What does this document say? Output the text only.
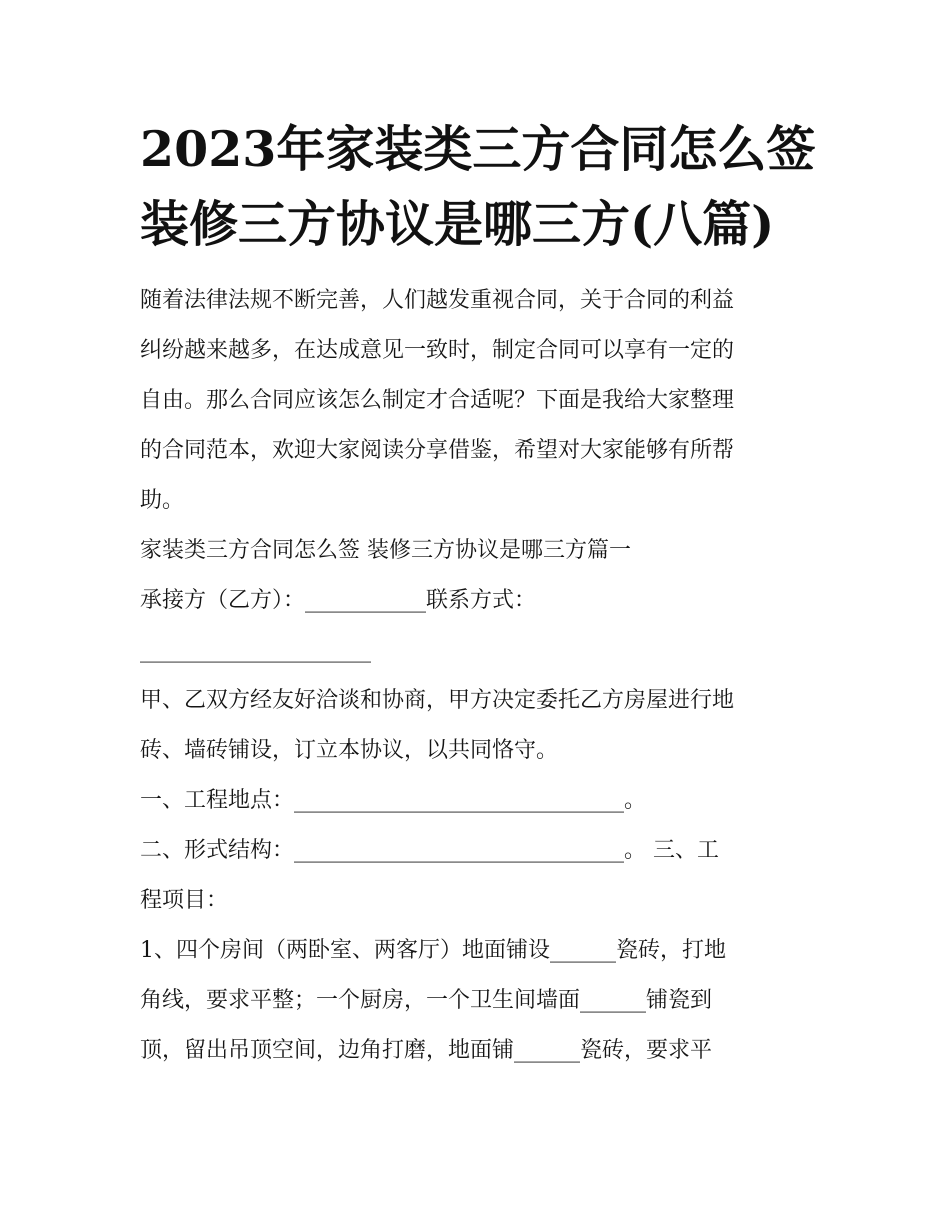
2023年家装类三方合同怎么签
装修三方协议是哪三方(八篇)
随着法律法规不断完善，人们越发重视合同，关于合同的利益
纠纷越来越多，在达成意见一致时，制定合同可以享有一定的
自由。那么合同应该怎么制定才合适呢？下面是我给大家整理
的合同范本，欢迎大家阅读分享借鉴，希望对大家能够有所帮
助。
家装类三方合同怎么签 装修三方协议是哪三方篇一
承接方（乙方）：___________联系方式：
_____________________
甲、乙双方经友好洽谈和协商，甲方决定委托乙方房屋进行地
砖、墙砖铺设，订立本协议，以共同恪守。
一、工程地点：______________________________。
二、形式结构：______________________________。 三、工
程项目：
1、四个房间（两卧室、两客厅）地面铺设______瓷砖，打地
角线，要求平整；一个厨房，一个卫生间墙面______铺瓷到
顶，留出吊顶空间，边角打磨，地面铺______瓷砖，要求平
